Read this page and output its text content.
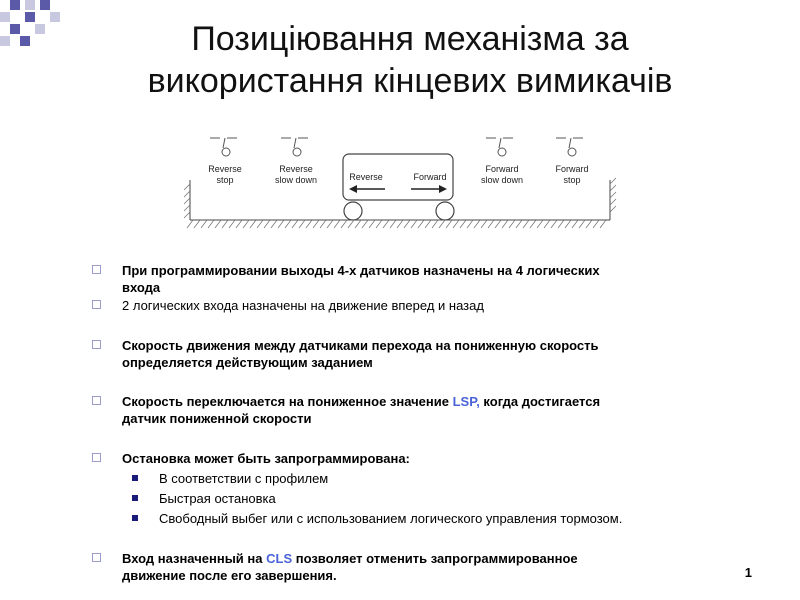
Позиціювання механізма за
використання кінцевих вимикачів
Reverse
stop
Reverse
slow down
Forward
slow down
Forward
stop
Reverse	Forward
При программировании выходы 4-х датчиков назначены на 4 логических
входа
2 логических входа назначены на движение вперед и назад
Скорость движения между датчиками перехода на пониженную скорость
определяется действующим заданием
Скорость переключается на пониженное значение LSP, когда достигается
датчик пониженной скорости
Остановка может быть запрограммирована:
В соответствии с профилем
Быстрая остановка
Свободный выбег или с использованием логического управления тормозом.
Вход назначенный на CLS позволяет отменить запрограммированное
движение после его завершения.	1
